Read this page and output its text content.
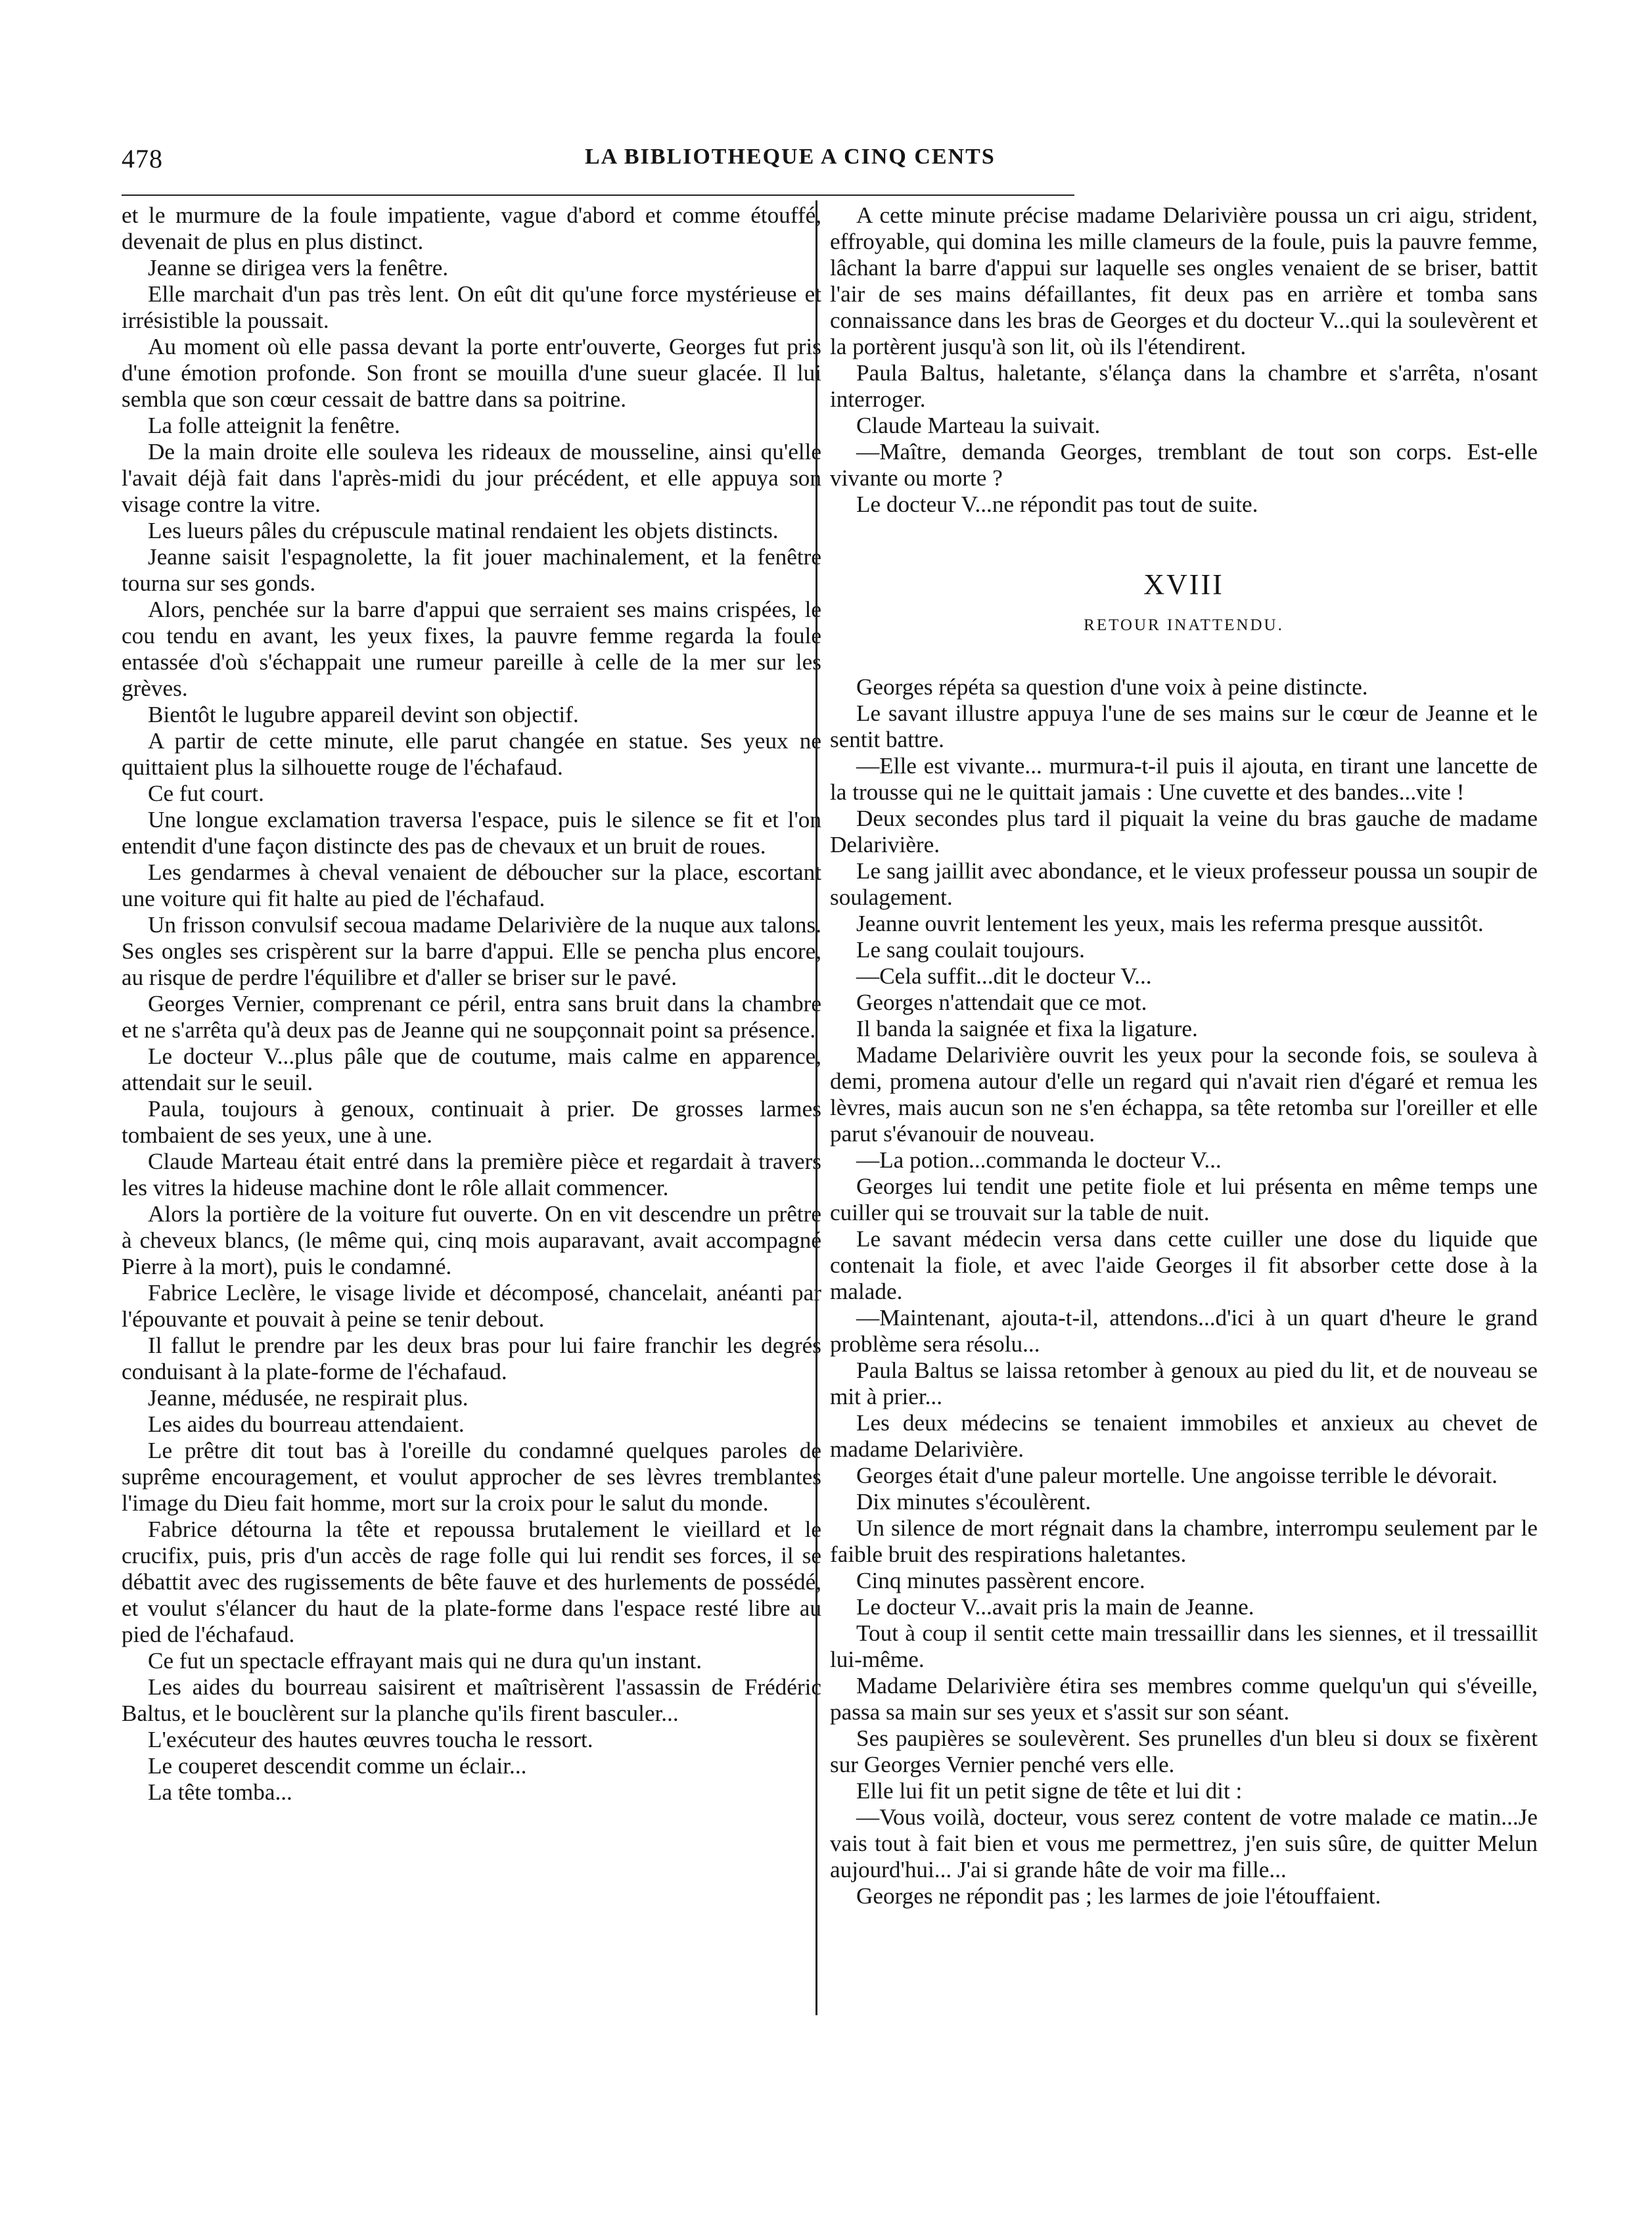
478	LA BIBLIOTHEQUE A CINQ CENTS

et le murmure de la foule impatiente, vague d'abord et comme étouffé, devenait de plus en plus distinct.

Jeanne se dirigea vers la fenêtre.

Elle marchait d'un pas très lent. On eût dit qu'une force mystérieuse et irrésistible la poussait.

Au moment où elle passa devant la porte entr'ouverte, Georges fut pris d'une émotion profonde. Son front se mouilla d'une sueur glacée. Il lui sembla que son cœur cessait de battre dans sa poitrine.

La folle atteignit la fenêtre.

De la main droite elle souleva les rideaux de mousseline, ainsi qu'elle l'avait déjà fait dans l'après-midi du jour précédent, et elle appuya son visage contre la vitre.

Les lueurs pâles du crépuscule matinal rendaient les objets distincts.

Jeanne saisit l'espagnolette, la fit jouer machinalement, et la fenêtre tourna sur ses gonds.

Alors, penchée sur la barre d'appui que serraient ses mains crispées, le cou tendu en avant, les yeux fixes, la pauvre femme regarda la foule entassée d'où s'échappait une rumeur pareille à celle de la mer sur les grèves.

Bientôt le lugubre appareil devint son objectif.

A partir de cette minute, elle parut changée en statue. Ses yeux ne quittaient plus la silhouette rouge de l'échafaud.

Ce fut court.

Une longue exclamation traversa l'espace, puis le silence se fit et l'on entendit d'une façon distincte des pas de chevaux et un bruit de roues.

Les gendarmes à cheval venaient de déboucher sur la place, escortant une voiture qui fit halte au pied de l'échafaud.

Un frisson convulsif secoua madame Delarivière de la nuque aux talons. Ses ongles ses crispèrent sur la barre d'appui. Elle se pencha plus encore, au risque de perdre l'équilibre et d'aller se briser sur le pavé.

Georges Vernier, comprenant ce péril, entra sans bruit dans la chambre et ne s'arrêta qu'à deux pas de Jeanne qui ne soupçonnait point sa présence.

Le docteur V...plus pâle que de coutume, mais calme en apparence, attendait sur le seuil.

Paula, toujours à genoux, continuait à prier. De grosses larmes tombaient de ses yeux, une à une.

Claude Marteau était entré dans la première pièce et regardait à travers les vitres la hideuse machine dont le rôle allait commencer.

Alors la portière de la voiture fut ouverte. On en vit descendre un prêtre à cheveux blancs, (le même qui, cinq mois auparavant, avait accompagné Pierre à la mort), puis le condamné.

Fabrice Leclère, le visage livide et décomposé, chancelait, anéanti par l'épouvante et pouvait à peine se tenir debout.

Il fallut le prendre par les deux bras pour lui faire franchir les degrés conduisant à la plate-forme de l'échafaud.

Jeanne, médusée, ne respirait plus.

Les aides du bourreau attendaient.

Le prêtre dit tout bas à l'oreille du condamné quelques paroles de suprême encouragement, et voulut approcher de ses lèvres tremblantes l'image du Dieu fait homme, mort sur la croix pour le salut du monde.

Fabrice détourna la tête et repoussa brutalement le vieillard et le crucifix, puis, pris d'un accès de rage folle qui lui rendit ses forces, il se débattit avec des rugissements de bête fauve et des hurlements de possédé, et voulut s'élancer du haut de la plate-forme dans l'espace resté libre au pied de l'échafaud.

Ce fut un spectacle effrayant mais qui ne dura qu'un instant.

Les aides du bourreau saisirent et maîtrisèrent l'assassin de Frédéric Baltus, et le bouclèrent sur la planche qu'ils firent basculer...

L'exécuteur des hautes œuvres toucha le ressort.

Le couperet descendit comme un éclair...

La tête tomba...

A cette minute précise madame Delarivière poussa un cri aigu, strident, effroyable, qui domina les mille clameurs de la foule, puis la pauvre femme, lâchant la barre d'appui sur laquelle ses ongles venaient de se briser, battit l'air de ses mains défaillantes, fit deux pas en arrière et tomba sans connaissance dans les bras de Georges et du docteur V...qui la soulevèrent et la portèrent jusqu'à son lit, où ils l'étendirent.

Paula Baltus, haletante, s'élança dans la chambre et s'arrêta, n'osant interroger.

Claude Marteau la suivait.

—Maître, demanda Georges, tremblant de tout son corps. Est-elle vivante ou morte ?

Le docteur V...ne répondit pas tout de suite.

XVIII
RETOUR INATTENDU.

Georges répéta sa question d'une voix à peine distincte.

Le savant illustre appuya l'une de ses mains sur le cœur de Jeanne et le sentit battre.

—Elle est vivante... murmura-t-il puis il ajouta, en tirant une lancette de la trousse qui ne le quittait jamais : Une cuvette et des bandes...vite !

Deux secondes plus tard il piquait la veine du bras gauche de madame Delarivière.

Le sang jaillit avec abondance, et le vieux professeur poussa un soupir de soulagement.

Jeanne ouvrit lentement les yeux, mais les referma presque aussitôt.

Le sang coulait toujours.

—Cela suffit...dit le docteur V...

Georges n'attendait que ce mot.

Il banda la saignée et fixa la ligature.

Madame Delarivière ouvrit les yeux pour la seconde fois, se souleva à demi, promena autour d'elle un regard qui n'avait rien d'égaré et remua les lèvres, mais aucun son ne s'en échappa, sa tête retomba sur l'oreiller et elle parut s'évanouir de nouveau.

—La potion...commanda le docteur V...

Georges lui tendit une petite fiole et lui présenta en même temps une cuiller qui se trouvait sur la table de nuit.

Le savant médecin versa dans cette cuiller une dose du liquide que contenait la fiole, et avec l'aide Georges il fit absorber cette dose à la malade.

—Maintenant, ajouta-t-il, attendons...d'ici à un quart d'heure le grand problème sera résolu...

Paula Baltus se laissa retomber à genoux au pied du lit, et de nouveau se mit à prier...

Les deux médecins se tenaient immobiles et anxieux au chevet de madame Delarivière.

Georges était d'une paleur mortelle. Une angoisse terrible le dévorait.

Dix minutes s'écoulèrent.

Un silence de mort régnait dans la chambre, interrompu seulement par le faible bruit des respirations haletantes.

Cinq minutes passèrent encore.

Le docteur V...avait pris la main de Jeanne.

Tout à coup il sentit cette main tressaillir dans les siennes, et il tressaillit lui-même.

Madame Delarivière étira ses membres comme quelqu'un qui s'éveille, passa sa main sur ses yeux et s'assit sur son séant.

Ses paupières se soulevèrent. Ses prunelles d'un bleu si doux se fixèrent sur Georges Vernier penché vers elle.

Elle lui fit un petit signe de tête et lui dit :

—Vous voilà, docteur, vous serez content de votre malade ce matin...Je vais tout à fait bien et vous me permettrez, j'en suis sûre, de quitter Melun aujourd'hui... J'ai si grande hâte de voir ma fille...

Georges ne répondit pas ; les larmes de joie l'étouffaient.
